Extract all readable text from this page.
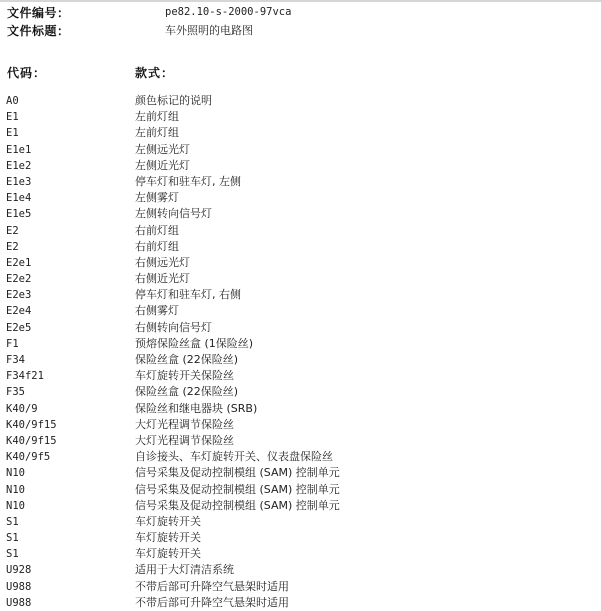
文件编号：	pe82.10-s-2000-97vca
文件标题：	车外照明的电路图
代码：	款式：
A0	颜色标记的说明
E1	左前灯组
E1	左前灯组
E1e1	左侧远光灯
E1e2	左侧近光灯
E1e3	停车灯和驻车灯, 左侧
E1e4	左侧雾灯
E1e5	左侧转向信号灯
E2	右前灯组
E2	右前灯组
E2e1	右侧远光灯
E2e2	右侧近光灯
E2e3	停车灯和驻车灯, 右侧
E2e4	右侧雾灯
E2e5	右侧转向信号灯
F1	预熔保险丝盒 (1保险丝)
F34	保险丝盒 (22保险丝)
F34f21	车灯旋转开关保险丝
F35	保险丝盒 (22保险丝)
K40/9	保险丝和继电器块 (SRB)
K40/9f15	大灯光程调节保险丝
K40/9f15	大灯光程调节保险丝
K40/9f5	自诊接头、车灯旋转开关、仪表盘保险丝
N10	信号采集及促动控制模组 (SAM) 控制单元
N10	信号采集及促动控制模组 (SAM) 控制单元
N10	信号采集及促动控制模组 (SAM) 控制单元
S1	车灯旋转开关
S1	车灯旋转开关
S1	车灯旋转开关
U928	适用于大灯清洁系统
U988	不带后部可升降空气悬架时适用
U988	不带后部可升降空气悬架时适用
